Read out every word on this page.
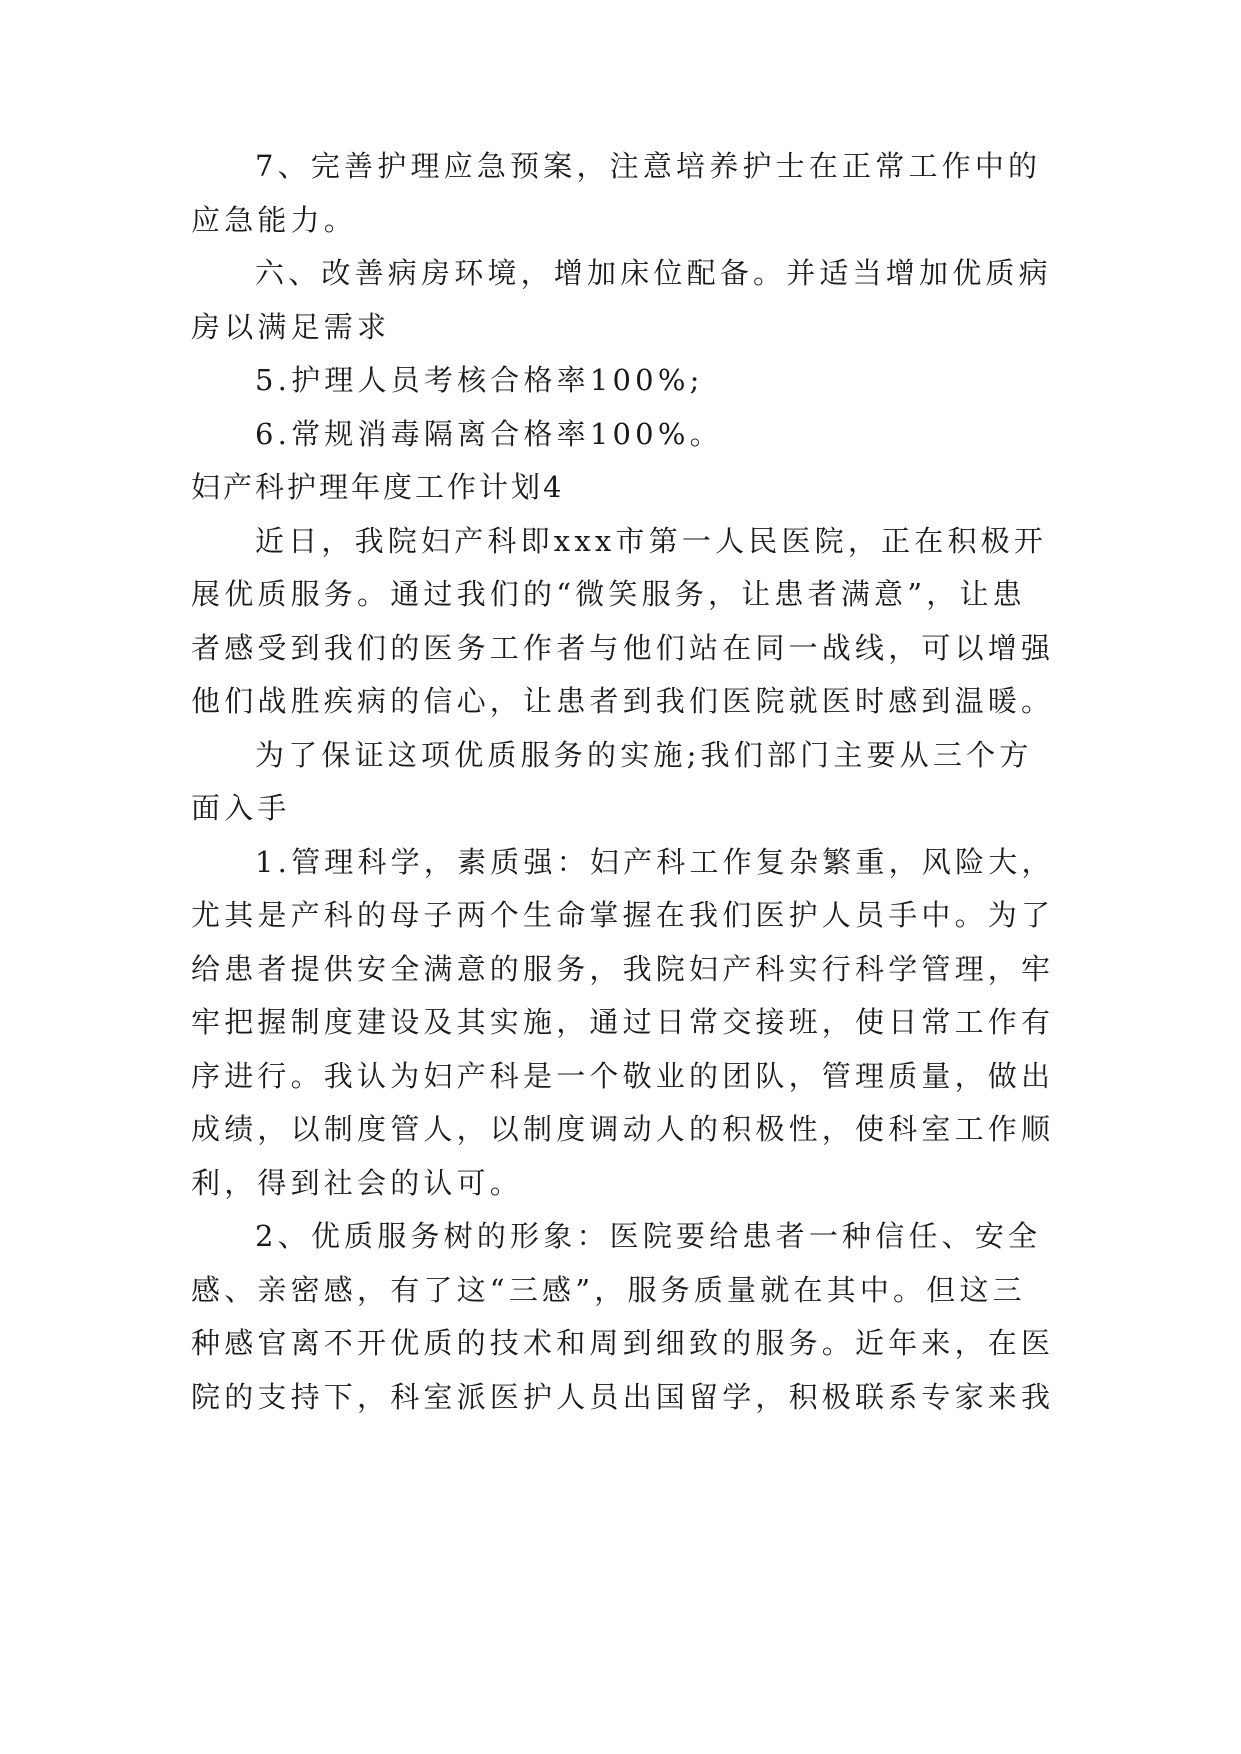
7、完善护理应急预案，注意培养护士在正常工作中的
应急能力。
六、改善病房环境，增加床位配备。并适当增加优质病
房以满足需求
5.护理人员考核合格率100%;
6.常规消毒隔离合格率100%。
妇产科护理年度工作计划4
近日，我院妇产科即xxx市第一人民医院，正在积极开
展优质服务。通过我们的“微笑服务，让患者满意”，让患
者感受到我们的医务工作者与他们站在同一战线，可以增强
他们战胜疾病的信心，让患者到我们医院就医时感到温暖。
为了保证这项优质服务的实施;我们部门主要从三个方
面入手
1.管理科学，素质强：妇产科工作复杂繁重，风险大，
尤其是产科的母子两个生命掌握在我们医护人员手中。为了
给患者提供安全满意的服务，我院妇产科实行科学管理，牢
牢把握制度建设及其实施，通过日常交接班，使日常工作有
序进行。我认为妇产科是一个敬业的团队，管理质量，做出
成绩，以制度管人，以制度调动人的积极性，使科室工作顺
利，得到社会的认可。
2、优质服务树的形象：医院要给患者一种信任、安全
感、亲密感，有了这“三感”，服务质量就在其中。但这三
种感官离不开优质的技术和周到细致的服务。近年来，在医
院的支持下，科室派医护人员出国留学，积极联系专家来我
